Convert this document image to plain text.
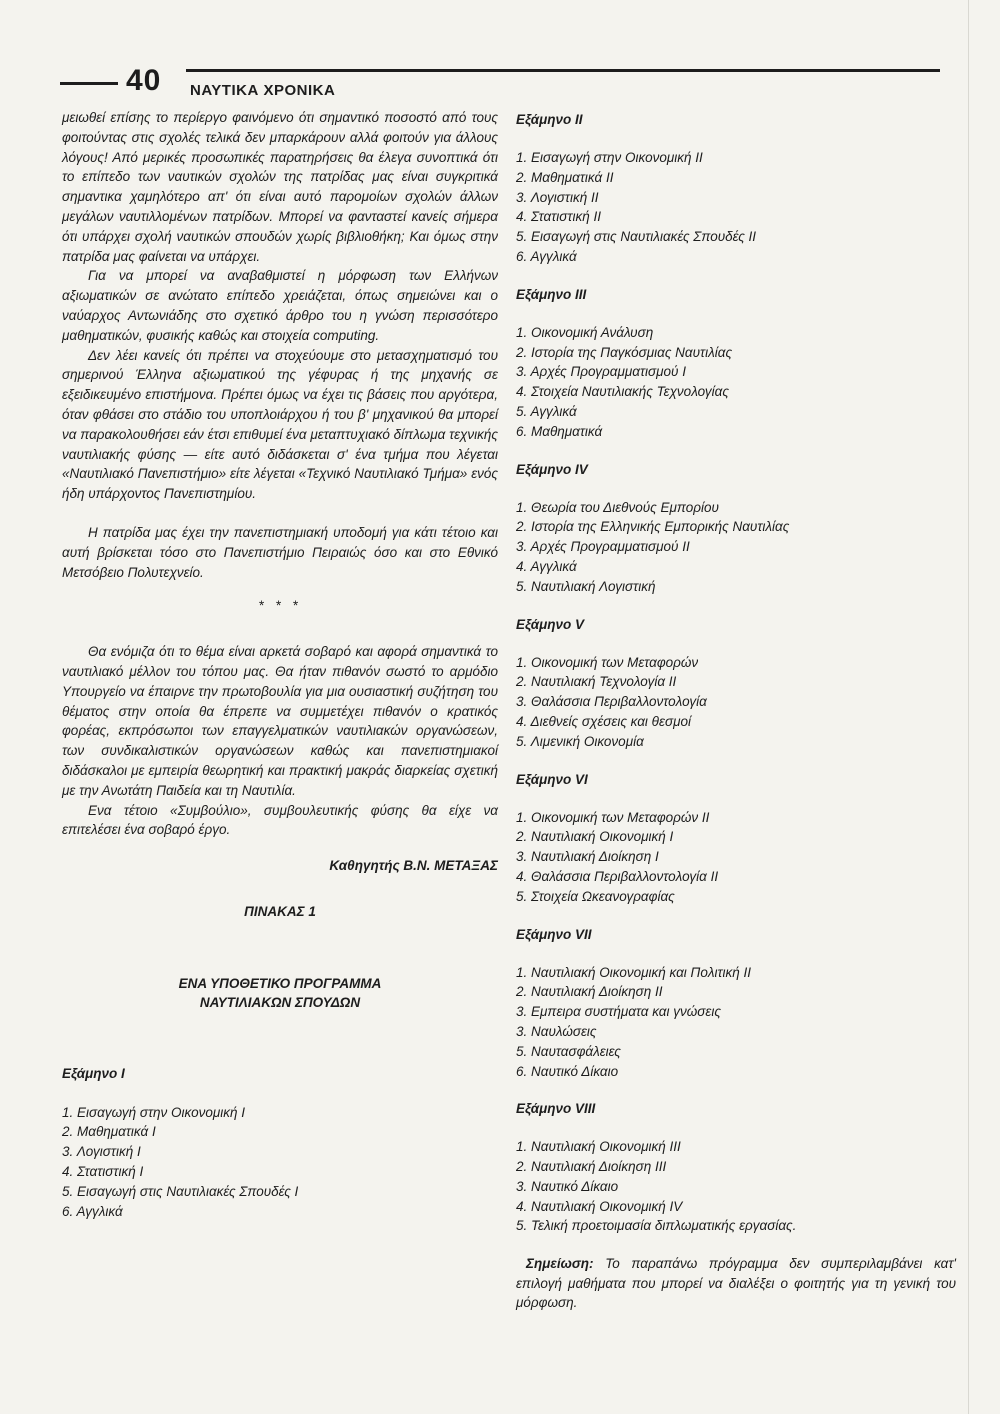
40 ΝΑΥΤΙΚΑ ΧΡΟΝΙΚΑ

μειωθεί επίσης το περίεργο φαινόμενο ότι σημαντικό ποσοστό από τους φοιτούντας στις σχολές τελικά δεν μπαρκάρουν αλλά φοιτούν για άλλους λόγους! Από μερικές προσωπικές παρατηρήσεις θα έλεγα συνοπτικά ότι το επίπεδο των ναυτικών σχολών της πατρίδας μας είναι συγκριτικά σημαντικα χαμηλότερο απ' ότι είναι αυτό παρομοίων σχολών άλλων μεγάλων ναυτιλλομένων πατρίδων. Μπορεί να φανταστεί κανείς σήμερα ότι υπάρχει σχολή ναυτικών σπουδών χωρίς βιβλιοθήκη; Και όμως στην πατρίδα μας φαίνεται να υπάρχει.

Για να μπορεί να αναβαθμιστεί η μόρφωση των Ελλήνων αξιωματικών σε ανώτατο επίπεδο χρειάζεται, όπως σημειώνει και ο ναύαρχος Αντωνιάδης στο σχετικό άρθρο του η γνώση περισσότερο μαθηματικών, φυσικής καθώς και στοιχεία computing.

Δεν λέει κανείς ότι πρέπει να στοχεύουμε στο μετασχηματισμό του σημερινού Έλληνα αξιωματικού της γέφυρας ή της μηχανής σε εξειδικευμένο επιστήμονα. Πρέπει όμως να έχει τις βάσεις που αργότερα, όταν φθάσει στο στάδιο του υποπλοιάρχου ή του β' μηχανικού θα μπορεί να παρακολουθήσει εάν έτσι επιθυμεί ένα μεταπτυχιακό δίπλωμα τεχνικής ναυτιλιακής φύσης — είτε αυτό διδάσκεται σ' ένα τμήμα που λέγεται «Ναυτιλιακό Πανεπιστήμιο» είτε λέγεται «Τεχνικό Ναυτιλιακό Τμήμα» ενός ήδη υπάρχοντος Πανεπιστημίου.

Η πατρίδα μας έχει την πανεπιστημιακή υποδομή για κάτι τέτοιο και αυτή βρίσκεται τόσο στο Πανεπιστήμιο Πειραιώς όσο και στο Εθνικό Μετσόβειο Πολυτεχνείο.

* * *

Θα ενόμιζα ότι το θέμα είναι αρκετά σοβαρό και αφορά σημαντικά το ναυτιλιακό μέλλον του τόπου μας. Θα ήταν πιθανόν σωστό το αρμόδιο Υπουργείο να έπαιρνε την πρωτοβουλία για μια ουσιαστική συζήτηση του θέματος στην οποία θα έπρεπε να συμμετέχει πιθανόν ο κρατικός φορέας, εκπρόσωποι των επαγγελματικών ναυτιλιακών οργανώσεων, των συνδικαλιστικών οργανώσεων καθώς και πανεπιστημιακοί διδάσκαλοι με εμπειρία θεωρητική και πρακτική μακράς διαρκείας σχετική με την Ανωτάτη Παιδεία και τη Ναυτιλία.

Ενα τέτοιο «Συμβούλιο», συμβουλευτικής φύσης θα είχε να επιτελέσει ένα σοβαρό έργο.

Καθηγητής Β.Ν. ΜΕΤΑΞΑΣ
ΠΙΝΑΚΑΣ 1
ΕΝΑ ΥΠΟΘΕΤΙΚΟ ΠΡΟΓΡΑΜΜΑ
ΝΑΥΤΙΛΙΑΚΩΝ ΣΠΟΥΔΩΝ
Εξάμηνο Ι
1. Εισαγωγή στην Οικονομική Ι
2. Μαθηματικά Ι
3. Λογιστική Ι
4. Στατιστική Ι
5. Εισαγωγή στις Ναυτιλιακές Σπουδές Ι
6. Αγγλικά
Εξάμηνο ΙΙ
1. Εισαγωγή στην Οικονομική ΙΙ
2. Μαθηματικά ΙΙ
3. Λογιστική ΙΙ
4. Στατιστική ΙΙ
5. Εισαγωγή στις Ναυτιλιακές Σπουδές ΙΙ
6. Αγγλικά
Εξάμηνο ΙΙΙ
1. Οικονομική Ανάλυση
2. Ιστορία της Παγκόσμιας Ναυτιλίας
3. Αρχές Προγραμματισμού Ι
4. Στοιχεία Ναυτιλιακής Τεχνολογίας
5. Αγγλικά
6. Μαθηματικά
Εξάμηνο ΙV
1. Θεωρία του Διεθνούς Εμπορίου
2. Ιστορία της Ελληνικής Εμπορικής Ναυτιλίας
3. Αρχές Προγραμματισμού ΙΙ
4. Αγγλικά
5. Ναυτιλιακή Λογιστική
Εξάμηνο V
1. Οικονομική των Μεταφορών
2. Ναυτιλιακή Τεχνολογία ΙΙ
3. Θαλάσσια Περιβαλλοντολογία
4. Διεθνείς σχέσεις και θεσμοί
5. Λιμενική Οικονομία
Εξάμηνο VΙ
1. Οικονομική των Μεταφορών ΙΙ
2. Ναυτιλιακή Οικονομική Ι
3. Ναυτιλιακή Διοίκηση Ι
4. Θαλάσσια Περιβαλλοντολογία ΙΙ
5. Στοιχεία Ωκεανογραφίας
Εξάμηνο VΙΙ
1. Ναυτιλιακή Οικονομική και Πολιτική ΙΙ
2. Ναυτιλιακή Διοίκηση ΙΙ
3. Εμπειρα συστήματα και γνώσεις
3. Ναυλώσεις
5. Ναυτασφάλειες
6. Ναυτικό Δίκαιο
Εξάμηνο VΙΙΙ
1. Ναυτιλιακή Οικονομική ΙΙΙ
2. Ναυτιλιακή Διοίκηση ΙΙΙ
3. Ναυτικό Δίκαιο
4. Ναυτιλιακή Οικονομική ΙV
5. Τελική προετοιμασία διπλωματικής εργασίας.

Σημείωση: Το παραπάνω πρόγραμμα δεν συμπεριλαμβάνει κατ' επιλογή μαθήματα που μπορεί να διαλέξει ο φοιτητής για τη γενική του μόρφωση.
